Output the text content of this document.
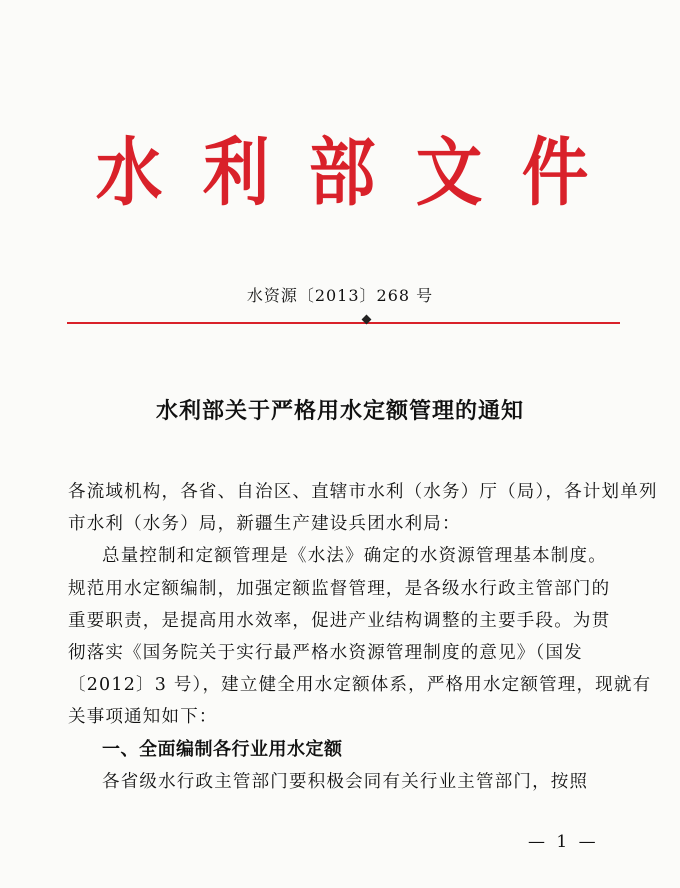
水 利 部 文 件
水资源〔2013〕268 号
水利部关于严格用水定额管理的通知

各流域机构，各省、自治区、直辖市水利（水务）厅（局），各计划单列

市水利（水务）局，新疆生产建设兵团水利局：

总量控制和定额管理是《水法》确定的水资源管理基本制度。

规范用水定额编制，加强定额监督管理，是各级水行政主管部门的

重要职责，是提高用水效率，促进产业结构调整的主要手段。为贯

彻落实《国务院关于实行最严格水资源管理制度的意见》（国发

〔2012〕3 号），建立健全用水定额体系，严格用水定额管理，现就有

关事项通知如下：

一、全面编制各行业用水定额

各省级水行政主管部门要积极会同有关行业主管部门，按照

— 1 —
